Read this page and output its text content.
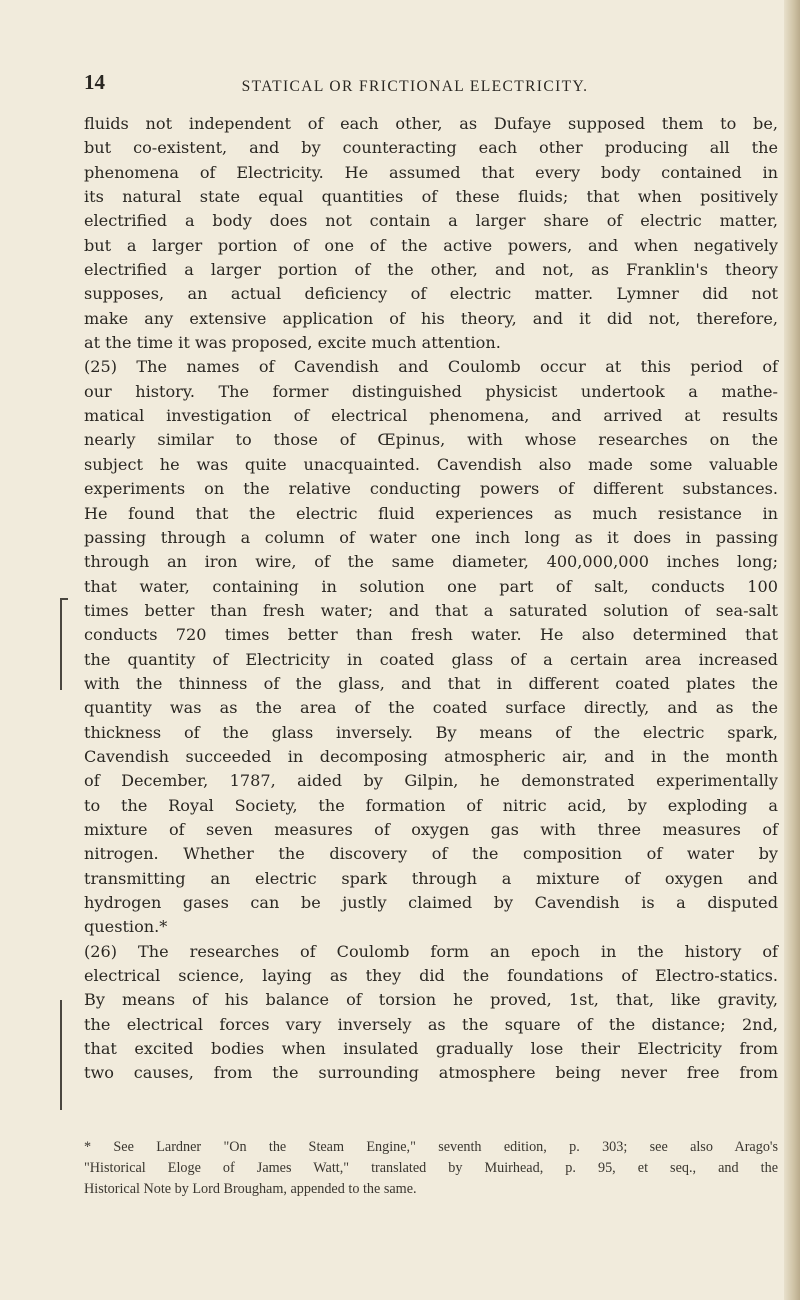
14	STATICAL OR FRICTIONAL ELECTRICITY.
fluids not independent of each other, as Dufaye supposed them to be,
but co-existent, and by counteracting each other producing all the
phenomena of Electricity. He assumed that every body contained in
its natural state equal quantities of these fluids; that when positively
electrified a body does not contain a larger share of electric matter,
but a larger portion of one of the active powers, and when negatively
electrified a larger portion of the other, and not, as Franklin's theory
supposes, an actual deficiency of electric matter. Lymner did not
make any extensive application of his theory, and it did not, therefore,
at the time it was proposed, excite much attention.
(25) The names of Cavendish and Coulomb occur at this period of
our history. The former distinguished physicist undertook a mathe-
matical investigation of electrical phenomena, and arrived at results
nearly similar to those of Œpinus, with whose researches on the
subject he was quite unacquainted. Cavendish also made some valuable
experiments on the relative conducting powers of different substances.
He found that the electric fluid experiences as much resistance in
passing through a column of water one inch long as it does in passing
through an iron wire, of the same diameter, 400,000,000 inches long;
that water, containing in solution one part of salt, conducts 100
times better than fresh water; and that a saturated solution of sea-salt
conducts 720 times better than fresh water. He also determined that
the quantity of Electricity in coated glass of a certain area increased
with the thinness of the glass, and that in different coated plates the
quantity was as the area of the coated surface directly, and as the
thickness of the glass inversely. By means of the electric spark,
Cavendish succeeded in decomposing atmospheric air, and in the month
of December, 1787, aided by Gilpin, he demonstrated experimentally
to the Royal Society, the formation of nitric acid, by exploding a
mixture of seven measures of oxygen gas with three measures of
nitrogen. Whether the discovery of the composition of water by
transmitting an electric spark through a mixture of oxygen and
hydrogen gases can be justly claimed by Cavendish is a disputed
question.*
(26) The researches of Coulomb form an epoch in the history of
electrical science, laying as they did the foundations of Electro-statics.
By means of his balance of torsion he proved, 1st, that, like gravity,
the electrical forces vary inversely as the square of the distance; 2nd,
that excited bodies when insulated gradually lose their Electricity from
two causes, from the surrounding atmosphere being never free from
* See Lardner "On the Steam Engine," seventh edition, p. 303; see also Arago's
"Historical Eloge of James Watt," translated by Muirhead, p. 95, et seq., and the
Historical Note by Lord Brougham, appended to the same.
